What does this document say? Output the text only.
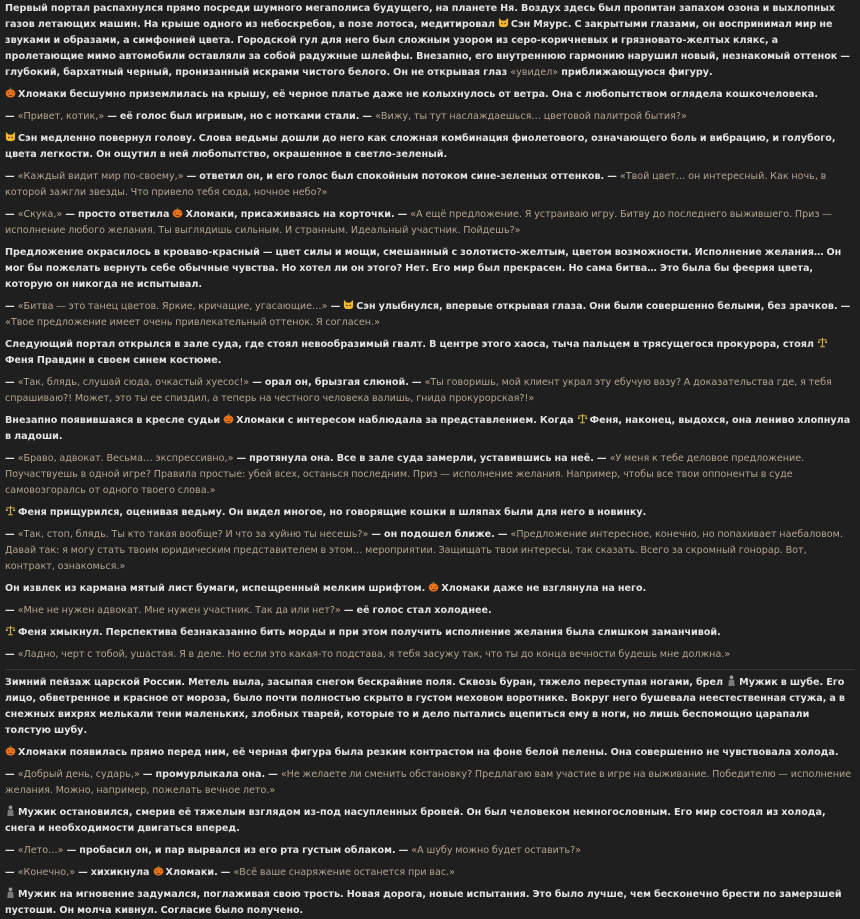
Первый портал распахнулся прямо посреди шумного мегаполиса будущего, на планете Ня. Воздух здесь был пропитан запахом озона и выхлопных газов летающих машин. На крыше одного из небоскребов, в позе лотоса, медитировал Сэн Мяурс. С закрытыми глазами, он воспринимал мир не звуками и образами, а симфонией цвета. Городской гул для него был сложным узором из серо-коричневых и грязновато-желтых клякс, а пролетающие мимо автомобили оставляли за собой радужные шлейфы. Внезапно, его внутреннюю гармонию нарушил новый, незнакомый оттенок — глубокий, бархатный черный, пронизанный искрами чистого белого. Он не открывая глаз «увидел» приближающуюся фигуру.

Хломаки бесшумно приземлилась на крышу, её черное платье даже не колыхнулось от ветра. Она с любопытством оглядела кошкочеловека.

— «Привет, котик,» — её голос был игривым, но с нотками стали. — «Вижу, ты тут наслаждаешься… цветовой палитрой бытия?»

Сэн медленно повернул голову. Слова ведьмы дошли до него как сложная комбинация фиолетового, означающего боль и вибрацию, и голубого, цвета легкости. Он ощутил в ней любопытство, окрашенное в светло-зеленый.

— «Каждый видит мир по-своему,» — ответил он, и его голос был спокойным потоком сине-зеленых оттенков. — «Твой цвет… он интересный. Как ночь, в которой зажгли звезды. Что привело тебя сюда, ночное небо?»

— «Скука,» — просто ответила Хломаки, присаживаясь на корточки. — «А ещё предложение. Я устраиваю игру. Битву до последнего выжившего. Приз — исполнение любого желания. Ты выглядишь сильным. И странным. Идеальный участник. Пойдешь?»

Предложение окрасилось в кроваво-красный — цвет силы и мощи, смешанный с золотисто-желтым, цветом возможности. Исполнение желания… Он мог бы пожелать вернуть себе обычные чувства. Но хотел ли он этого? Нет. Его мир был прекрасен. Но сама битва… Это была бы феерия цвета, которую он никогда не испытывал.

— «Битва — это танец цветов. Яркие, кричащие, угасающие…» — Сэн улыбнулся, впервые открывая глаза. Они были совершенно белыми, без зрачков. — «Твое предложение имеет очень привлекательный оттенок. Я согласен.»

Следующий портал открылся в зале суда, где стоял невообразимый гвалт. В центре этого хаоса, тыча пальцем в трясущегося прокурора, стоял Феня Правдин в своем синем костюме.

— «Так, блядь, слушай сюда, очкастый хуесос!» — орал он, брызгая слюной. — «Ты говоришь, мой клиент украл эту ебучую вазу? А доказательства где, я тебя спрашиваю?! Может, это ты ее спиздил, а теперь на честного человека валишь, гнида прокурорская?!»

Внезапно появившаяся в кресле судьи Хломаки с интересом наблюдала за представлением. Когда Феня, наконец, выдохся, она лениво хлопнула в ладоши.

— «Браво, адвокат. Весьма… экспрессивно,» — протянула она. Все в зале суда замерли, уставившись на неё. — «У меня к тебе деловое предложение. Поучаствуешь в одной игре? Правила простые: убей всех, останься последним. Приз — исполнение желания. Например, чтобы все твои оппоненты в суде самовозгоралсь от одного твоего слова.»

Феня прищурился, оценивая ведьму. Он видел многое, но говорящие кошки в шляпах были для него в новинку.

— «Так, стоп, блядь. Ты кто такая вообще? И что за хуйню ты несешь?» — он подошел ближе. — «Предложение интересное, конечно, но попахивает наебаловом. Давай так: я могу стать твоим юридическим представителем в этом… мероприятии. Защищать твои интересы, так сказать. Всего за скромный гонорар. Вот, контракт, ознакомься.»

Он извлек из кармана мятый лист бумаги, испещренный мелким шрифтом. Хломаки даже не взглянула на него.

— «Мне не нужен адвокат. Мне нужен участник. Так да или нет?» — её голос стал холоднее.

Феня хмыкнул. Перспектива безнаказанно бить морды и при этом получить исполнение желания была слишком заманчивой.

— «Ладно, черт с тобой, ушастая. Я в деле. Но если это какая-то подстава, я тебя засужу так, что ты до конца вечности будешь мне должна.»

Зимний пейзаж царской России. Метель выла, засыпая снегом бескрайние поля. Сквозь буран, тяжело переступая ногами, брел Мужик в шубе. Его лицо, обветренное и красное от мороза, было почти полностью скрыто в густом меховом воротнике. Вокруг него бушевала неестественная стужа, а в снежных вихрях мелькали тени маленьких, злобных тварей, которые то и дело пытались вцепиться ему в ноги, но лишь беспомощно царапали толстую шубу.

Хломаки появилась прямо перед ним, её черная фигура была резким контрастом на фоне белой пелены. Она совершенно не чувствовала холода.

— «Добрый день, сударь,» — промурлыкала она. — «Не желаете ли сменить обстановку? Предлагаю вам участие в игре на выживание. Победителю — исполнение желания. Можно, например, пожелать вечное лето.»

Мужик остановился, смерив её тяжелым взглядом из-под насупленных бровей. Он был человеком немногословным. Его мир состоял из холода, снега и необходимости двигаться вперед.

— «Лето…» — пробасил он, и пар вырвался из его рта густым облаком. — «А шубу можно будет оставить?»

— «Конечно,» — хихикнула Хломаки. — «Всё ваше снаряжение останется при вас.»

Мужик на мгновение задумался, поглаживая свою трость. Новая дорога, новые испытания. Это было лучше, чем бесконечно брести по замерзшей пустоши. Он молча кивнул. Согласие было получено.
